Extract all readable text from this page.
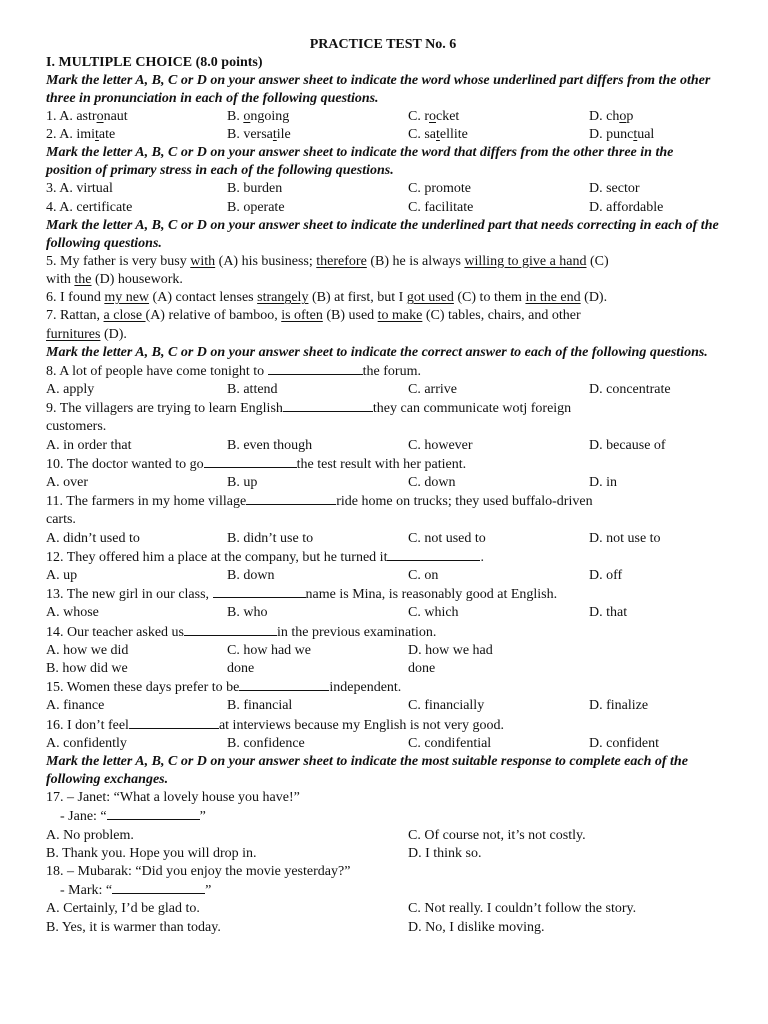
PRACTICE TEST No. 6
I. MULTIPLE CHOICE (8.0 points)
Mark the letter A, B, C or D on your answer sheet to indicate the word whose underlined part differs from the other three in pronunciation in each of the following questions.
1. A. astronaut	B. ongoing	C. rocket	D. chop
2. A. imitate	B. versatile	C. satellite	D. punctual
Mark the letter A, B, C or D on your answer sheet to indicate the word that differs from the other three in the position of primary stress in each of the following questions.
3. A. virtual	B. burden	C. promote	D. sector
4. A. certificate	B. operate	C. facilitate	D. affordable
Mark the letter A, B, C or D on your answer sheet to indicate the underlined part that needs correcting in each of the following questions.
5. My father is very busy with (A) his business; therefore (B) he is always willing to give a hand (C)
with the (D) housework.
6. I found my new (A) contact lenses strangely (B) at first, but I got used (C) to them in the end (D).
7. Rattan, a close (A) relative of bamboo, is often (B) used to make (C) tables, chairs, and other
furnitures (D).
Mark the letter A, B, C or D on your answer sheet to indicate the correct answer to each of the following questions.
8. A lot of people have come tonight to	the forum.
A. apply	B. attend	C. arrive	D. concentrate
9. The villagers are trying to learn English	they can communicate wotj foreign
customers.
A. in order that	B. even though	C. however	D. because of
10. The doctor wanted to go	the test result with her patient.
A. over	B. up	C. down	D. in
11. The farmers in my home village	ride home on trucks; they used buffalo-driven
carts.
A. didn’t used to	B. didn’t use to	C. not used to	D. not use to
12. They offered him a place at the company, but he turned it	.
A. up	B. down	C. on	D. off
13. The new girl in our class,	name is Mina, is reasonably good at English.
A. whose	B. who	C. which	D. that
14. Our teacher asked us	in the previous examination.
A. how we did	C. how had we	D. how we had
B. how did we	done	done
15. Women these days prefer to be	independent.
A. finance	B. financial	C. financially	D. finalize
16. I don’t feel	at interviews because my English is not very good.
A. confidently	B. confidence	C. condifential	D. confident
Mark the letter A, B, C or D on your answer sheet to indicate the most suitable response to complete each of the following exchanges.
17. – Janet: “What a lovely house you have!”
- Jane: “	”
A. No problem.	C. Of course not, it’s not costly.
B. Thank you. Hope you will drop in.	D. I think so.
18. – Mubarak: “Did you enjoy the movie yesterday?”
- Mark: “	”
A. Certainly, I’d be glad to.	C. Not really. I couldn’t follow the story.
B. Yes, it is warmer than today.	D. No, I dislike moving.
